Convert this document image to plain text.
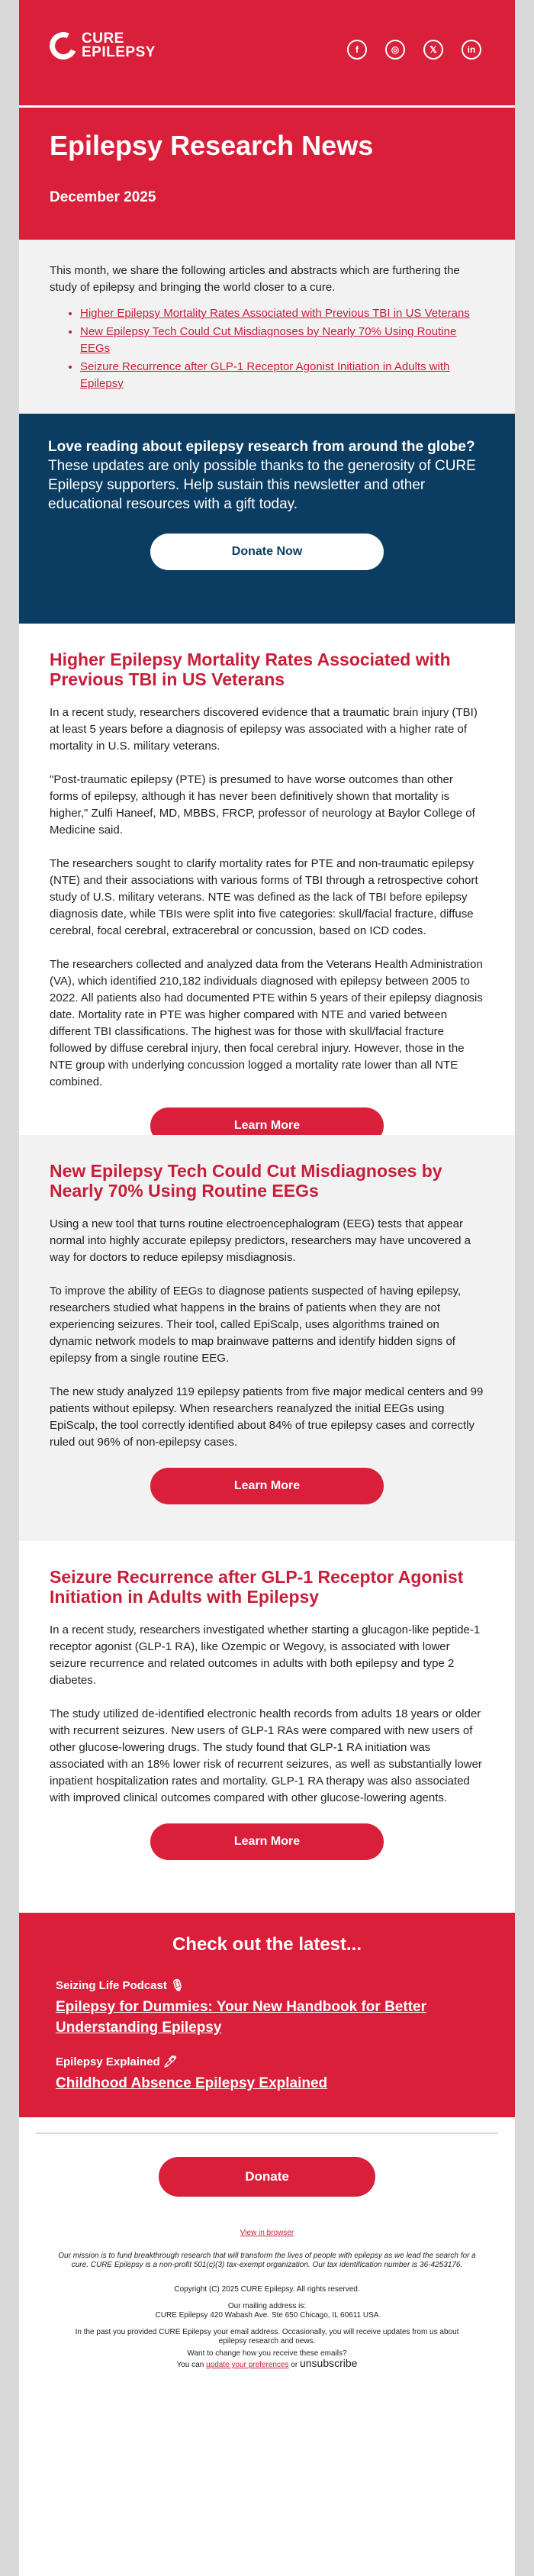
CURE
EPILEPSY	f	◎	𝕏	in
Epilepsy Research News
December 2025

This month, we share the following articles and abstracts which are furthering the study of epilepsy and bringing the world closer to a cure.

• Higher Epilepsy Mortality Rates Associated with Previous TBI in US Veterans
• New Epilepsy Tech Could Cut Misdiagnoses by Nearly 70% Using Routine EEGs
• Seizure Recurrence after GLP-1 Receptor Agonist Initiation in Adults with Epilepsy
Love reading about epilepsy research from around the globe?

These updates are only possible thanks to the generosity of CURE Epilepsy supporters. Help sustain this newsletter and other educational resources with a gift today.

Donate Now
Higher Epilepsy Mortality Rates Associated with Previous TBI in US Veterans

In a recent study, researchers discovered evidence that a traumatic brain injury (TBI) at least 5 years before a diagnosis of epilepsy was associated with a higher rate of mortality in U.S. military veterans.

"Post-traumatic epilepsy (PTE) is presumed to have worse outcomes than other forms of epilepsy, although it has never been definitively shown that mortality is higher," Zulfi Haneef, MD, MBBS, FRCP, professor of neurology at Baylor College of Medicine said.

The researchers sought to clarify mortality rates for PTE and non-traumatic epilepsy (NTE) and their associations with various forms of TBI through a retrospective cohort study of U.S. military veterans. NTE was defined as the lack of TBI before epilepsy diagnosis date, while TBIs were split into five categories: skull/facial fracture, diffuse cerebral, focal cerebral, extracerebral or concussion, based on ICD codes.

The researchers collected and analyzed data from the Veterans Health Administration (VA), which identified 210,182 individuals diagnosed with epilepsy between 2005 to 2022. All patients also had documented PTE within 5 years of their epilepsy diagnosis date. Mortality rate in PTE was higher compared with NTE and varied between different TBI classifications. The highest was for those with skull/facial fracture followed by diffuse cerebral injury, then focal cerebral injury. However, those in the NTE group with underlying concussion logged a mortality rate lower than all NTE combined.

Learn More
New Epilepsy Tech Could Cut Misdiagnoses by Nearly 70% Using Routine EEGs

Using a new tool that turns routine electroencephalogram (EEG) tests that appear normal into highly accurate epilepsy predictors, researchers may have uncovered a way for doctors to reduce epilepsy misdiagnosis.

To improve the ability of EEGs to diagnose patients suspected of having epilepsy, researchers studied what happens in the brains of patients when they are not experiencing seizures. Their tool, called EpiScalp, uses algorithms trained on dynamic network models to map brainwave patterns and identify hidden signs of epilepsy from a single routine EEG.

The new study analyzed 119 epilepsy patients from five major medical centers and 99 patients without epilepsy. When researchers reanalyzed the initial EEGs using EpiScalp, the tool correctly identified about 84% of true epilepsy cases and correctly ruled out 96% of non-epilepsy cases.

Learn More
Seizure Recurrence after GLP-1 Receptor Agonist Initiation in Adults with Epilepsy

In a recent study, researchers investigated whether starting a glucagon-like peptide-1 receptor agonist (GLP-1 RA), like Ozempic or Wegovy, is associated with lower seizure recurrence and related outcomes in adults with both epilepsy and type 2 diabetes.

The study utilized de-identified electronic health records from adults 18 years or older with recurrent seizures. New users of GLP-1 RAs were compared with new users of other glucose-lowering drugs. The study found that GLP-1 RA initiation was associated with an 18% lower risk of recurrent seizures, as well as substantially lower inpatient hospitalization rates and mortality. GLP-1 RA therapy was also associated with improved clinical outcomes compared with other glucose-lowering agents.

Learn More
Check out the latest...
Seizing Life Podcast 🎙
Epilepsy for Dummies: Your New Handbook for Better Understanding Epilepsy
Epilepsy Explained 🖊
Childhood Absence Epilepsy Explained
Donate
View in browser

Our mission is to fund breakthrough research that will transform the lives of people with epilepsy as we lead the search for a cure. CURE Epilepsy is a non-profit 501(c)(3) tax-exempt organization. Our tax identification number is 36-4253176.

Copyright (C) 2025 CURE Epilepsy. All rights reserved.

Our mailing address is:

CURE Epilepsy 420 Wabash Ave. Ste 650 Chicago, IL 60611 USA

In the past you provided CURE Epilepsy your email address. Occasionally, you will receive updates from us about epilepsy research and news.

Want to change how you receive these emails?

You can update your preferences or unsubscribe
